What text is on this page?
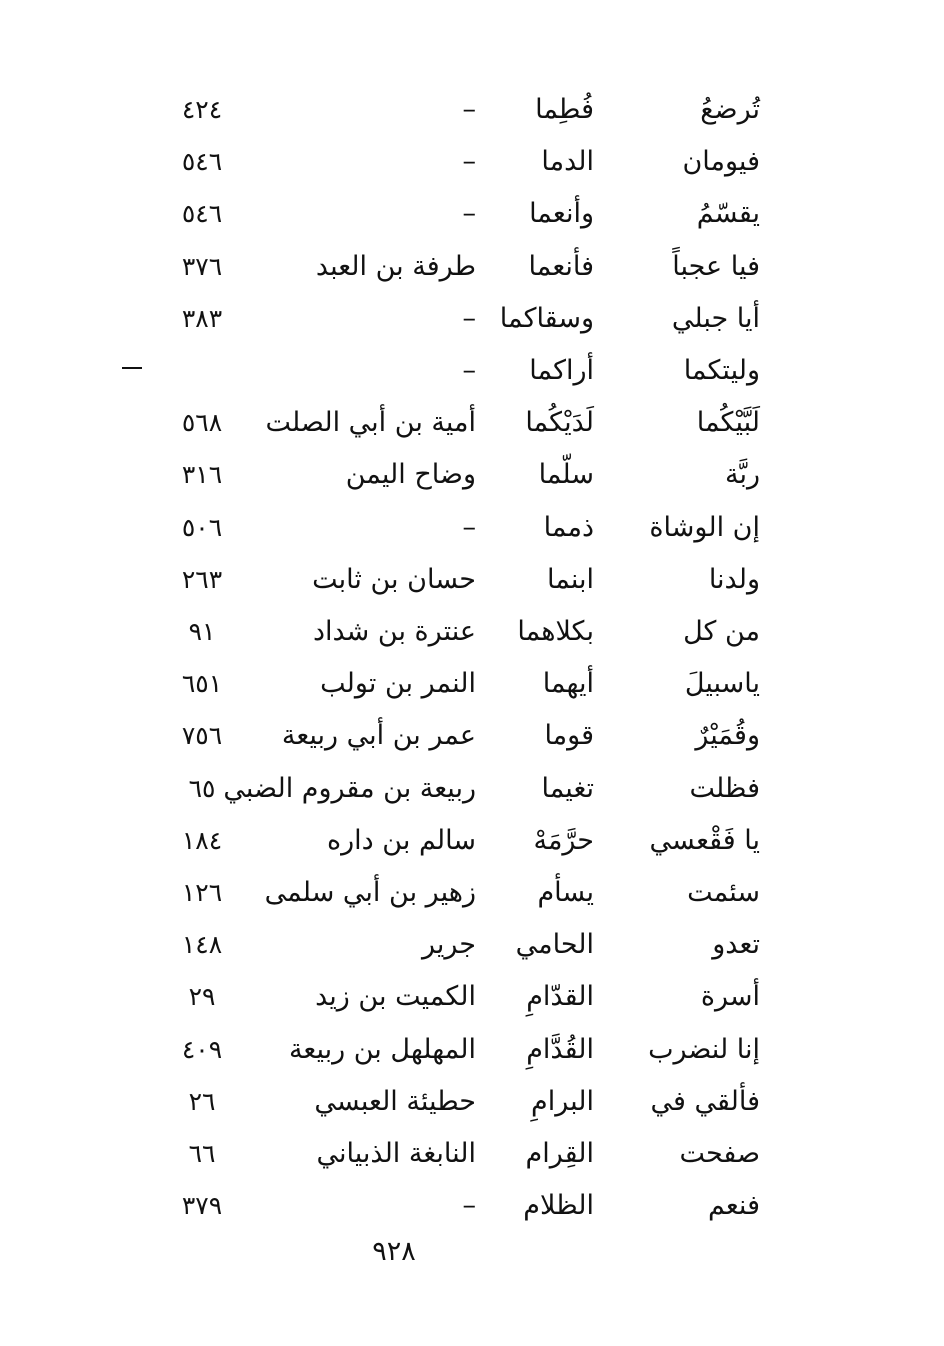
تُرضعُ
فُطِما
–
٤٢٤
فيومان
الدما
–
٥٤٦
يقسّمُ
وأنعما
–
٥٤٦
فيا عجباً
فأنعما
طرفة بن العبد
٣٧٦
أيا جبلي
وسقاكما
–
٣٨٣
وليتكما
أراكما
–
لَبَّيْكُما
لَدَيْكُما
أمية بن أبي الصلت
٥٦٨
ربَّة
سلّما
وضاح اليمن
٣١٦
إن الوشاة
ذمما
–
٥٠٦
ولدنا
ابنما
حسان بن ثابت
٢٦٣
من كل
بكلاهما
عنترة بن شداد
٩١
ياسبيلَ
أيهما
النمر بن تولب
٦٥١
وقُمَيْرٌ
قوما
عمر بن أبي ربيعة
٧٥٦
فظلت
تغيما
ربيعة بن مقروم الضبي
٦٥
يا فَقْعسي
حرَّمَهْ
سالم بن داره
١٨٤
سئمت
يسأم
زهير بن أبي سلمى
١٢٦
تعدو
الحامي
جرير
١٤٨
أسرة
القدّامِ
الكميت بن زيد
٢٩
إنا لنضرب
القُدَّامِ
المهلهل بن ربيعة
٤٠٩
فألقي في
البرامِ
حطيئة العبسي
٢٦
صفحت
القِرام
النابغة الذبياني
٦٦
فنعم
الظلام
–
٣٧٩
٩٢٨
